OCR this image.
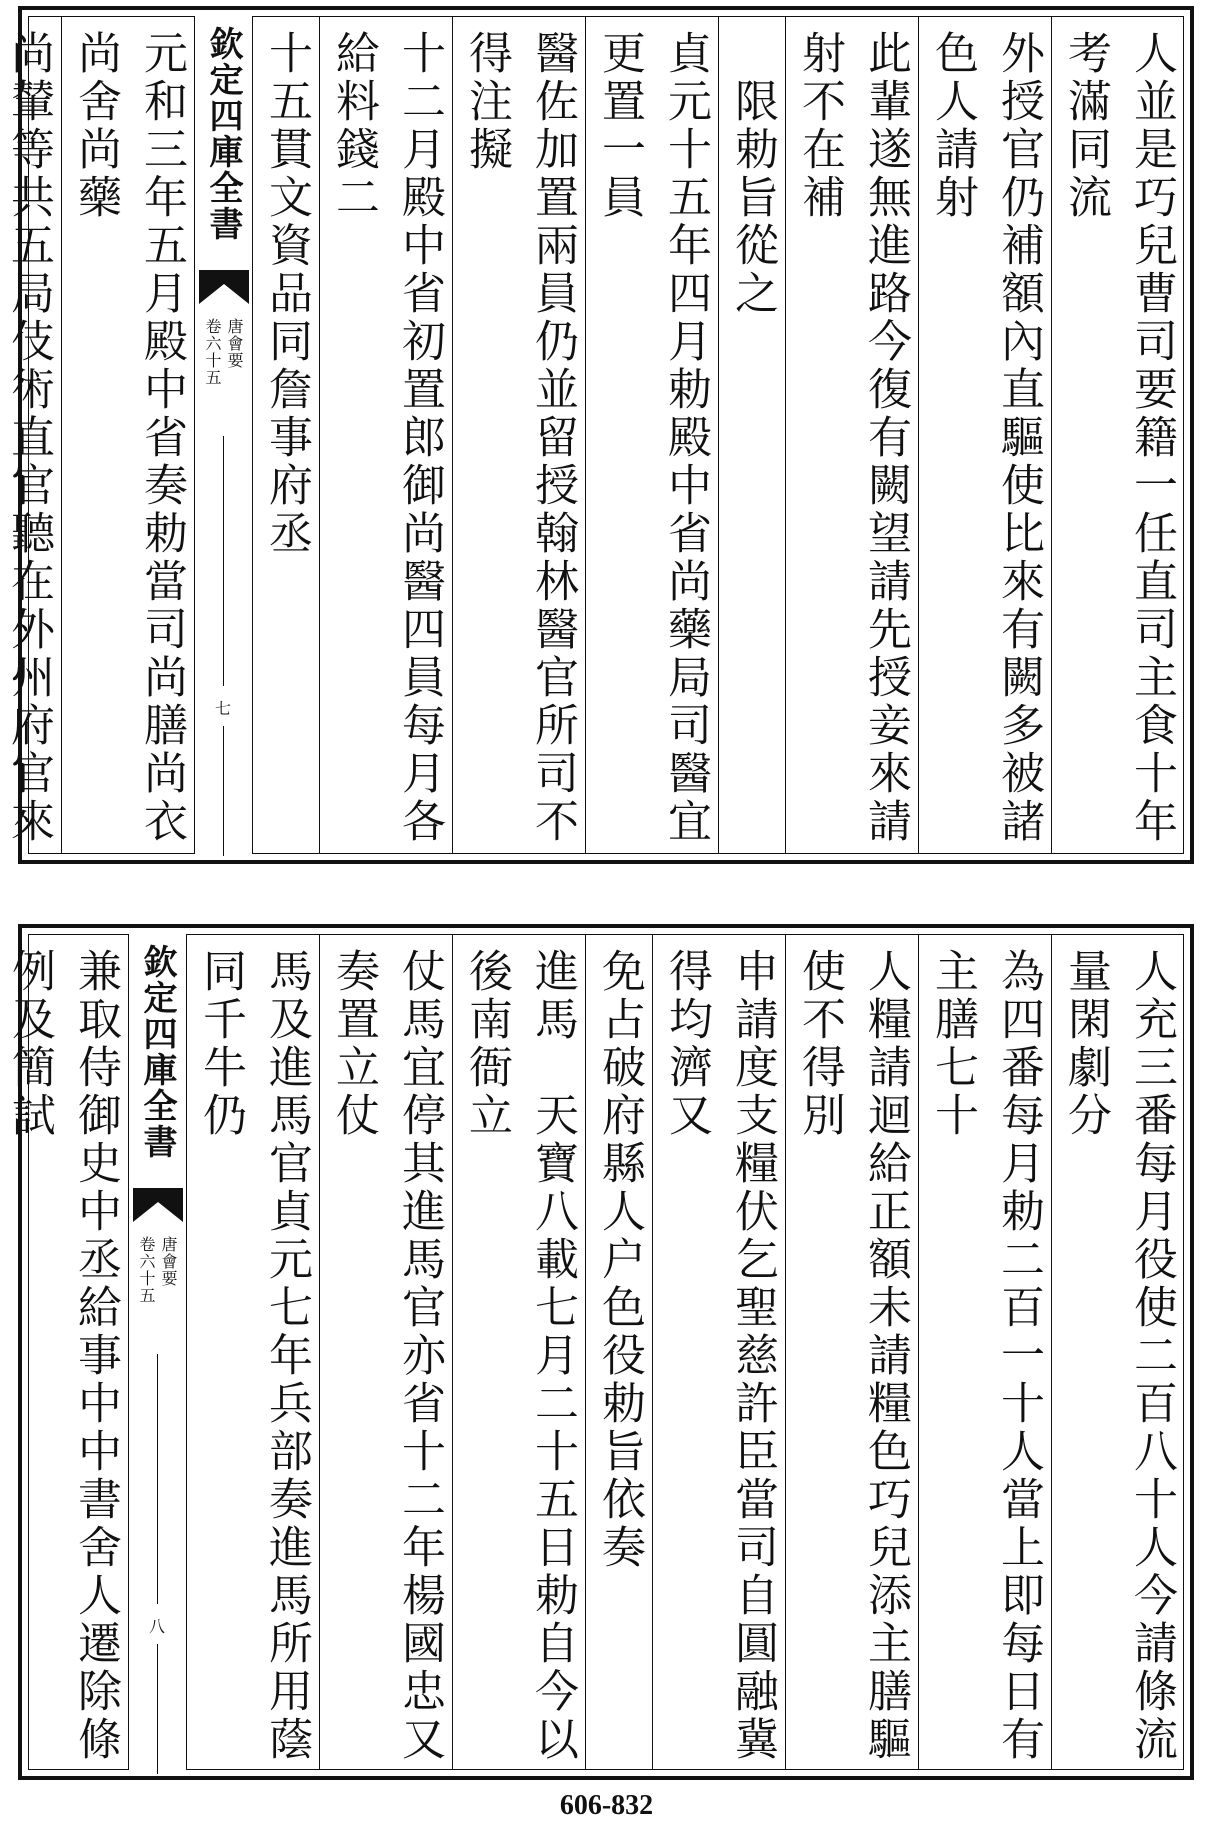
人並是巧兒曹司要籍一任直司主食十年考滿同流
外授官仍補額內直驅使比來有闕多被諸色人請射
此輩遂無進路今復有闕望請先授妾來請射不在補
限勅旨從之
貞元十五年四月勅殿中省尚藥局司醫宜更置一員
醫佐加置兩員仍並留授翰林醫官所司不得注擬
十二月殿中省初置郎御尚醫四員每月各給料錢二
十五貫文資品同詹事府丞
欽定四庫全書
唐會要
卷六十五
七
元和三年五月殿中省奏勅當司尚膳尚衣尚舍尚藥
尚輦等共五局伎術直官聽在外州府官來
人充三番每月役使二百八十人今請條流量閑劇分
為四番每月勅二百一十人當上即每日有主膳七十
人糧請迴給正額未請糧色巧兒添主膳驅使不得別
申請度支糧伏乞聖慈許臣當司自圓融冀得均濟又
免占破府縣人户色役勅旨依奏
進馬　天寶八載七月二十五日勅自今以後南衙立
仗馬宜停其進馬官亦省十二年楊國忠又奏置立仗
馬及進馬官貞元七年兵部奏進馬所用蔭同千牛仍
欽定四庫全書
唐會要
卷六十五
八
兼取侍御史中丞給事中中書舍人遷除條例及簡試
606-832
